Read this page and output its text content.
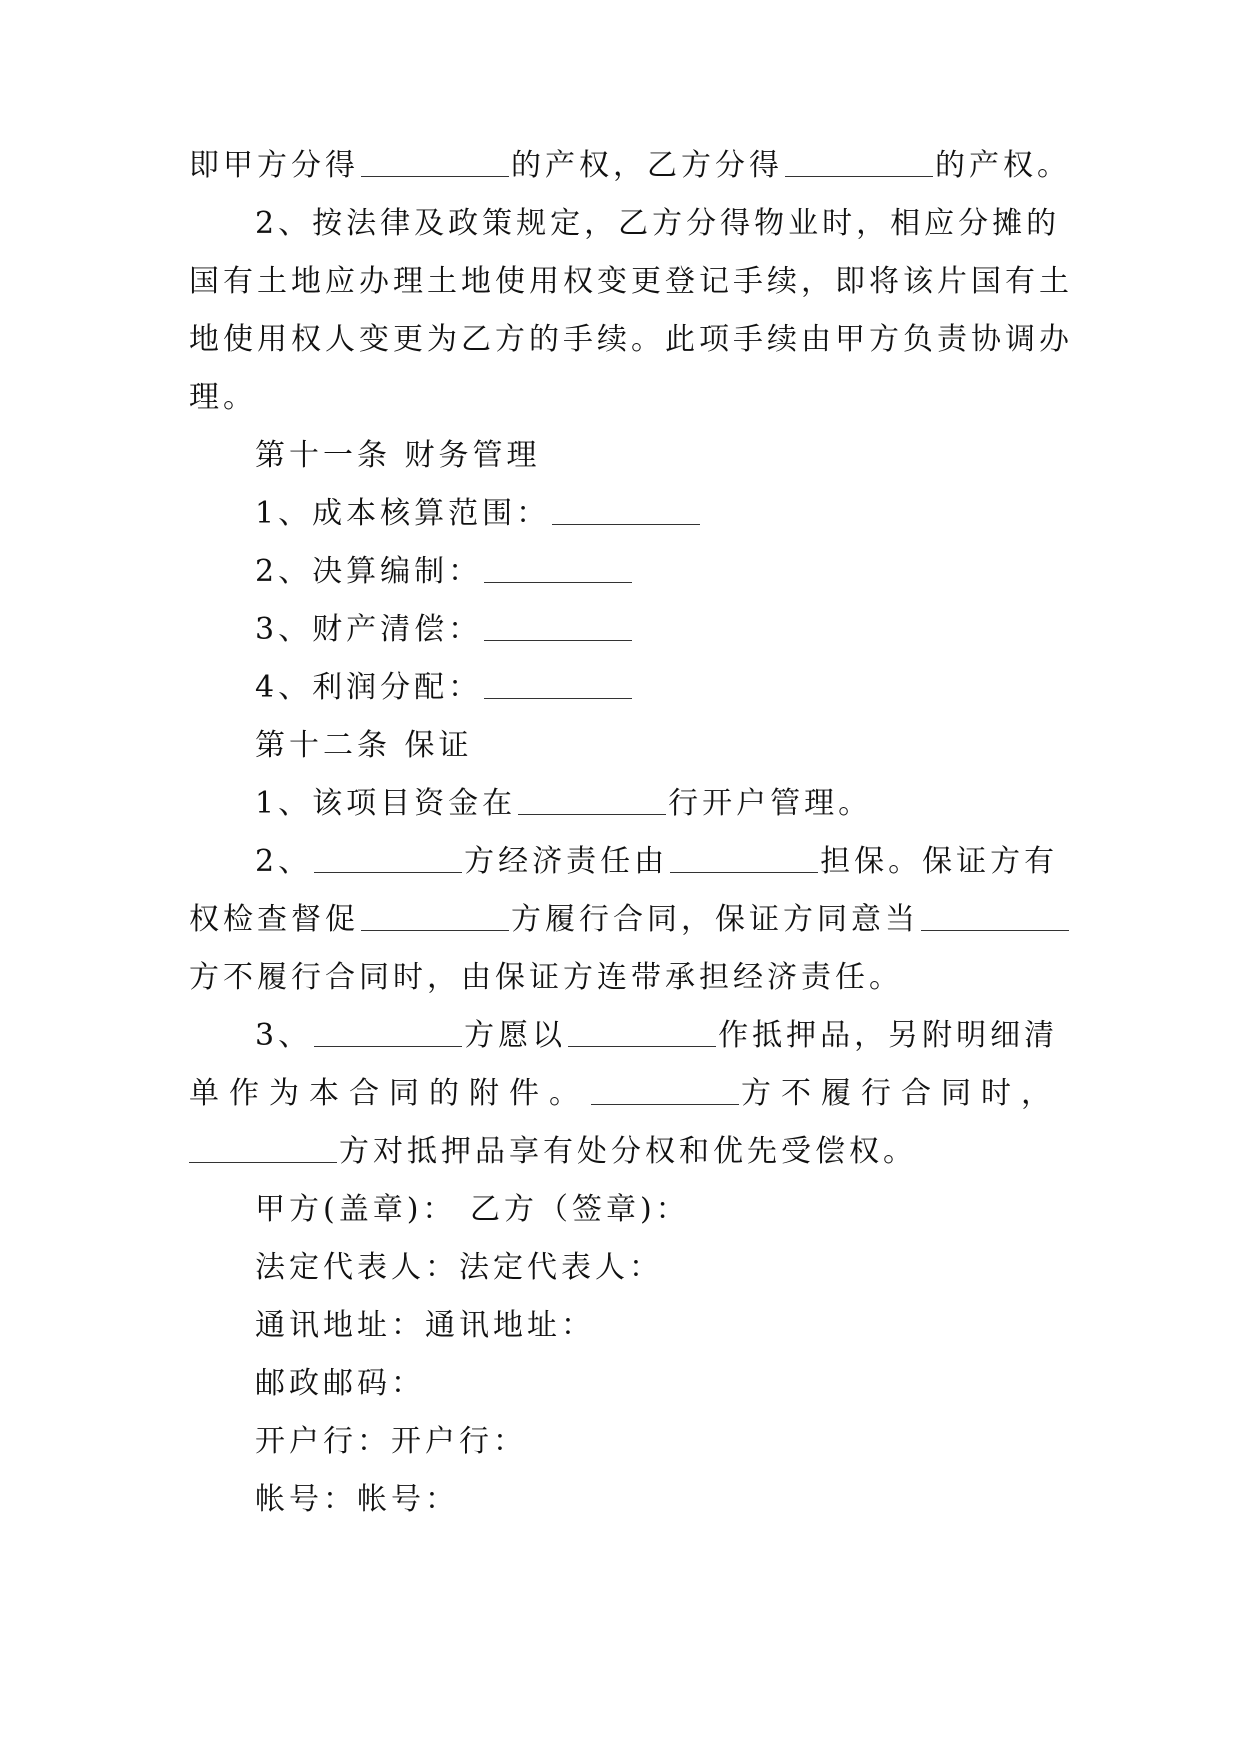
即甲方分得	的产权，乙方分得	的产权。

2、按法律及政策规定，乙方分得物业时，相应分摊的

国有土地应办理土地使用权变更登记手续，即将该片国有土

地使用权人变更为乙方的手续。此项手续由甲方负责协调办

理。

第十一条 财务管理

1、成本核算范围：

2、决算编制：

3、财产清偿：

4、利润分配：

第十二条 保证

1、该项目资金在	行开户管理。

2、	方经济责任由	担保。保证方有

权检查督促	方履行合同，保证方同意当

方不履行合同时，由保证方连带承担经济责任。

3、	方愿以	作抵押品，另附明细清

单作为本合同的附件。	方不履行合同时，

方对抵押品享有处分权和优先受偿权。

甲方(盖章)： 乙方（签章)：

法定代表人：法定代表人：

通讯地址：通讯地址：

邮政邮码：

开户行：开户行：

帐号：帐号：
